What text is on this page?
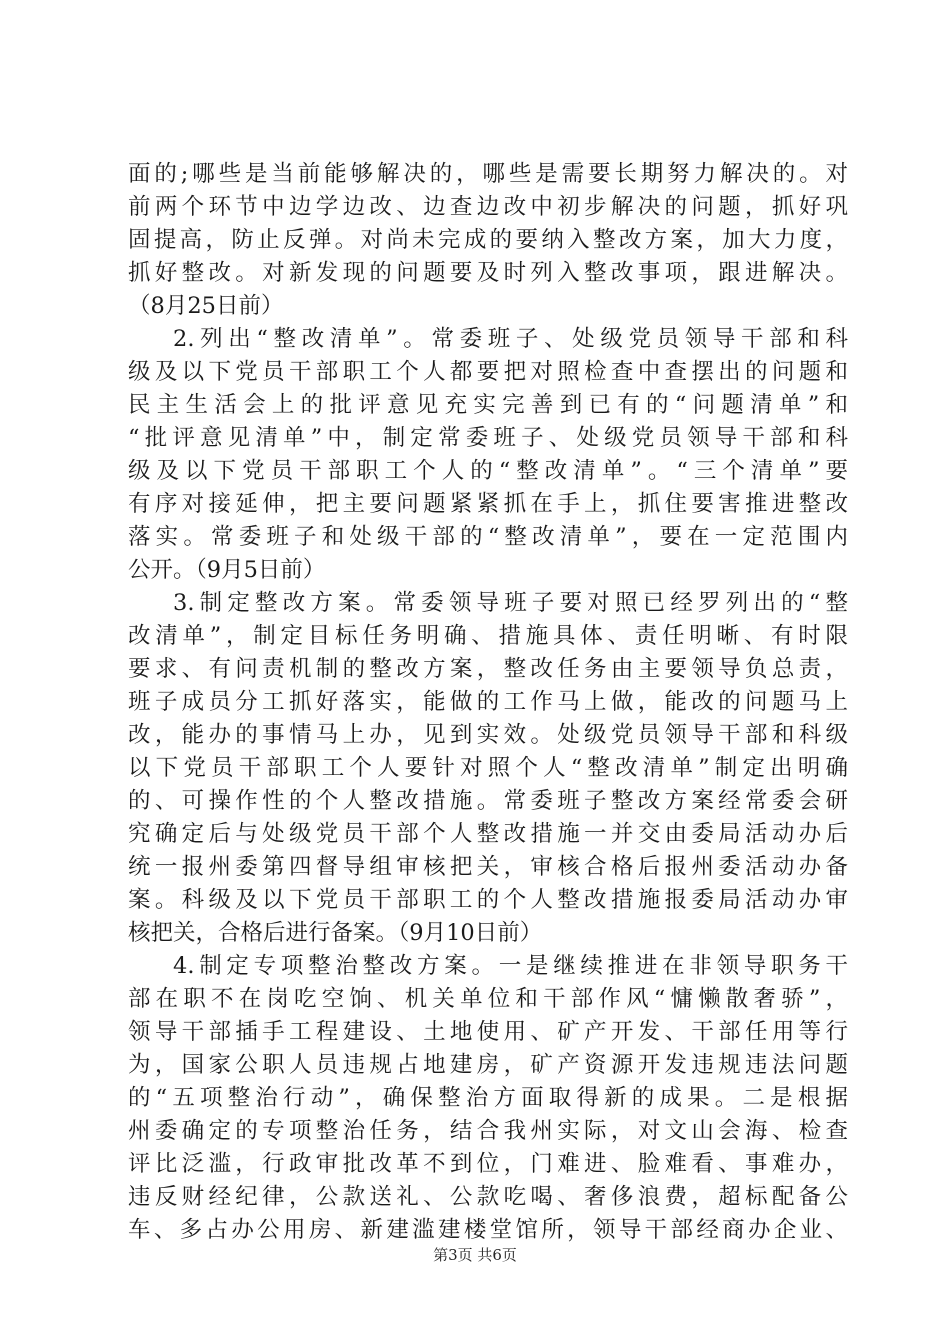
面的;哪些是当前能够解决的，哪些是需要长期努力解决的。对
前两个环节中边学边改、边查边改中初步解决的问题，抓好巩
固提高，防止反弹。对尚未完成的要纳入整改方案，加大力度，
抓好整改。对新发现的问题要及时列入整改事项，跟进解决。
（8月25日前）
2.列出“整改清单”。常委班子、处级党员领导干部和科
级及以下党员干部职工个人都要把对照检查中查摆出的问题和
民主生活会上的批评意见充实完善到已有的“问题清单”和
“批评意见清单”中，制定常委班子、处级党员领导干部和科
级及以下党员干部职工个人的“整改清单”。“三个清单”要
有序对接延伸，把主要问题紧紧抓在手上，抓住要害推进整改
落实。常委班子和处级干部的“整改清单”，要在一定范围内
公开。（9月5日前）
3.制定整改方案。常委领导班子要对照已经罗列出的“整
改清单”，制定目标任务明确、措施具体、责任明晰、有时限
要求、有问责机制的整改方案，整改任务由主要领导负总责，
班子成员分工抓好落实，能做的工作马上做，能改的问题马上
改，能办的事情马上办，见到实效。处级党员领导干部和科级
以下党员干部职工个人要针对照个人“整改清单”制定出明确
的、可操作性的个人整改措施。常委班子整改方案经常委会研
究确定后与处级党员干部个人整改措施一并交由委局活动办后
统一报州委第四督导组审核把关，审核合格后报州委活动办备
案。科级及以下党员干部职工的个人整改措施报委局活动办审
核把关，合格后进行备案。（9月10日前）
4.制定专项整治整改方案。一是继续推进在非领导职务干
部在职不在岗吃空饷、机关单位和干部作风“慵懒散奢骄”，
领导干部插手工程建设、土地使用、矿产开发、干部任用等行
为，国家公职人员违规占地建房，矿产资源开发违规违法问题
的“五项整治行动”，确保整治方面取得新的成果。二是根据
州委确定的专项整治任务，结合我州实际，对文山会海、检查
评比泛滥，行政审批改革不到位，门难进、脸难看、事难办，
违反财经纪律，公款送礼、公款吃喝、奢侈浪费，超标配备公
车、多占办公用房、新建滥建楼堂馆所，领导干部经商办企业、
第3页 共6页
